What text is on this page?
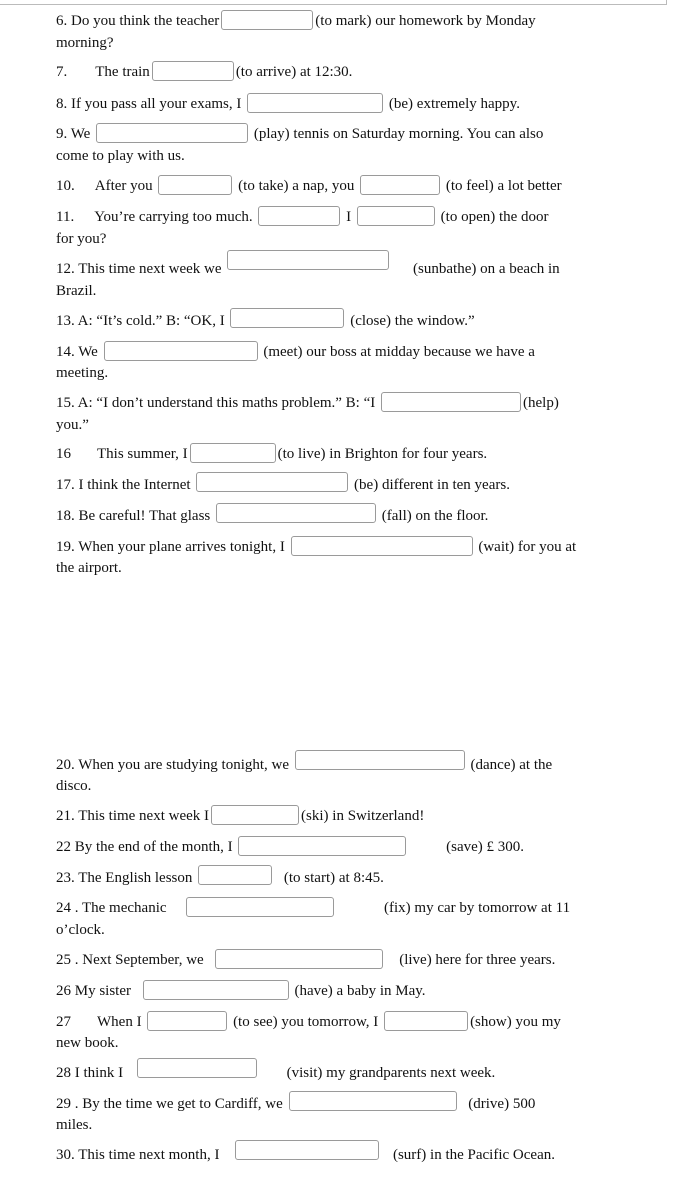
6. Do you think the teacher	(to mark) our homework by Monday
morning?
7. The train	(to arrive) at 12:30.
8. If you pass all your exams, I	(be) extremely happy.
9. We	(play) tennis on Saturday morning. You can also
come to play with us.
10. After you	(to take) a nap, you	(to feel) a lot better
11. You’re carrying too much.	I	(to open) the door
for you?
12. This time next week we	(sunbathe) on a beach in
Brazil.
13. A: “It’s cold.” B: “OK, I	(close) the window.”
14. We	(meet) our boss at midday because we have a
meeting.
15. A: “I don’t understand this maths problem.” B: “I	(help)
you.”
16 This summer, I	(to live) in Brighton for four years.
17. I think the Internet	(be) different in ten years.
18. Be careful! That glass	(fall) on the floor.
19. When your plane arrives tonight, I	(wait) for you at
the airport.
20. When you are studying tonight, we	(dance) at the
disco.
21. This time next week I	(ski) in Switzerland!
22 By the end of the month, I	(save) £ 300.
23. The English lesson	(to start) at 8:45.
24 . The mechanic	(fix) my car by tomorrow at 11
o’clock.
25 . Next September, we	(live) here for three years.
26 My sister	(have) a baby in May.
27 When I	(to see) you tomorrow, I	(show) you my
new book.
28 I think I	(visit) my grandparents next week.
29 . By the time we get to Cardiff, we	(drive) 500
miles.
30. This time next month, I	(surf) in the Pacific Ocean.
